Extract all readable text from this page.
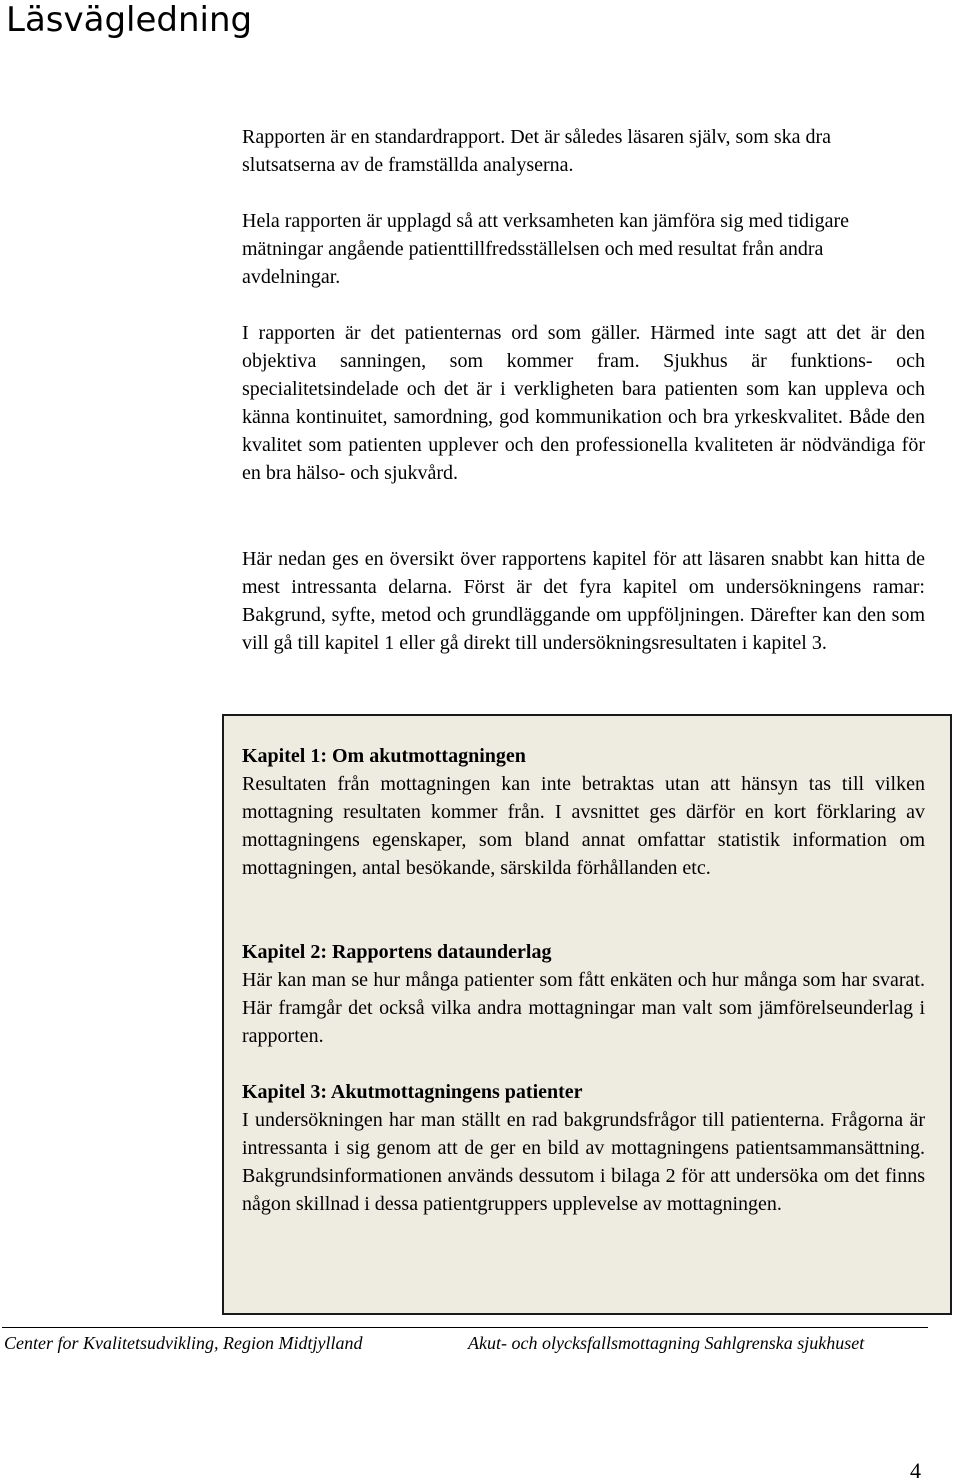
Läsvägledning

Rapporten är en standardrapport. Det är således läsaren själv, som ska dra slutsatserna av de framställda analyserna.

Hela rapporten är upplagd så att verksamheten kan jämföra sig med tidigare mätningar angående patienttillfredsställelsen och med resultat från andra avdelningar.

I rapporten är det patienternas ord som gäller. Härmed inte sagt att det är den objektiva sanningen, som kommer fram. Sjukhus är funktions- och specialitetsindelade och det är i verkligheten bara patienten som kan uppleva och känna kontinuitet, samordning, god kommunikation och bra yrkeskvalitet. Både den kvalitet som patienten upplever och den professionella kvaliteten är nödvändiga för en bra hälso- och sjukvård.

Här nedan ges en översikt över rapportens kapitel för att läsaren snabbt kan hitta de mest intressanta delarna. Först är det fyra kapitel om undersökningens ramar: Bakgrund, syfte, metod och grundläggande om uppföljningen. Därefter kan den som vill gå till kapitel 1 eller gå direkt till undersökningsresultaten i kapitel 3.

Kapitel 1: Om akutmottagningen
Resultaten från mottagningen kan inte betraktas utan att hänsyn tas till vilken mottagning resultaten kommer från. I avsnittet ges därför en kort förklaring av mottagningens egenskaper, som bland annat omfattar statistik information om mottagningen, antal besökande, särskilda förhållanden etc.
Kapitel 2: Rapportens dataunderlag
Här kan man se hur många patienter som fått enkäten och hur många som har svarat. Här framgår det också vilka andra mottagningar man valt som jämförelseunderlag i rapporten.
Kapitel 3: Akutmottagningens patienter
I undersökningen har man ställt en rad bakgrundsfrågor till patienterna. Frågorna är intressanta i sig genom att de ger en bild av mottagningens patientsammansättning. Bakgrundsinformationen används dessutom i bilaga 2 för att undersöka om det finns någon skillnad i dessa patientgruppers upplevelse av mottagningen.
Center for Kvalitetsudvikling, Region Midtjylland	Akut- och olycksfallsmottagning Sahlgrenska sjukhuset
4
